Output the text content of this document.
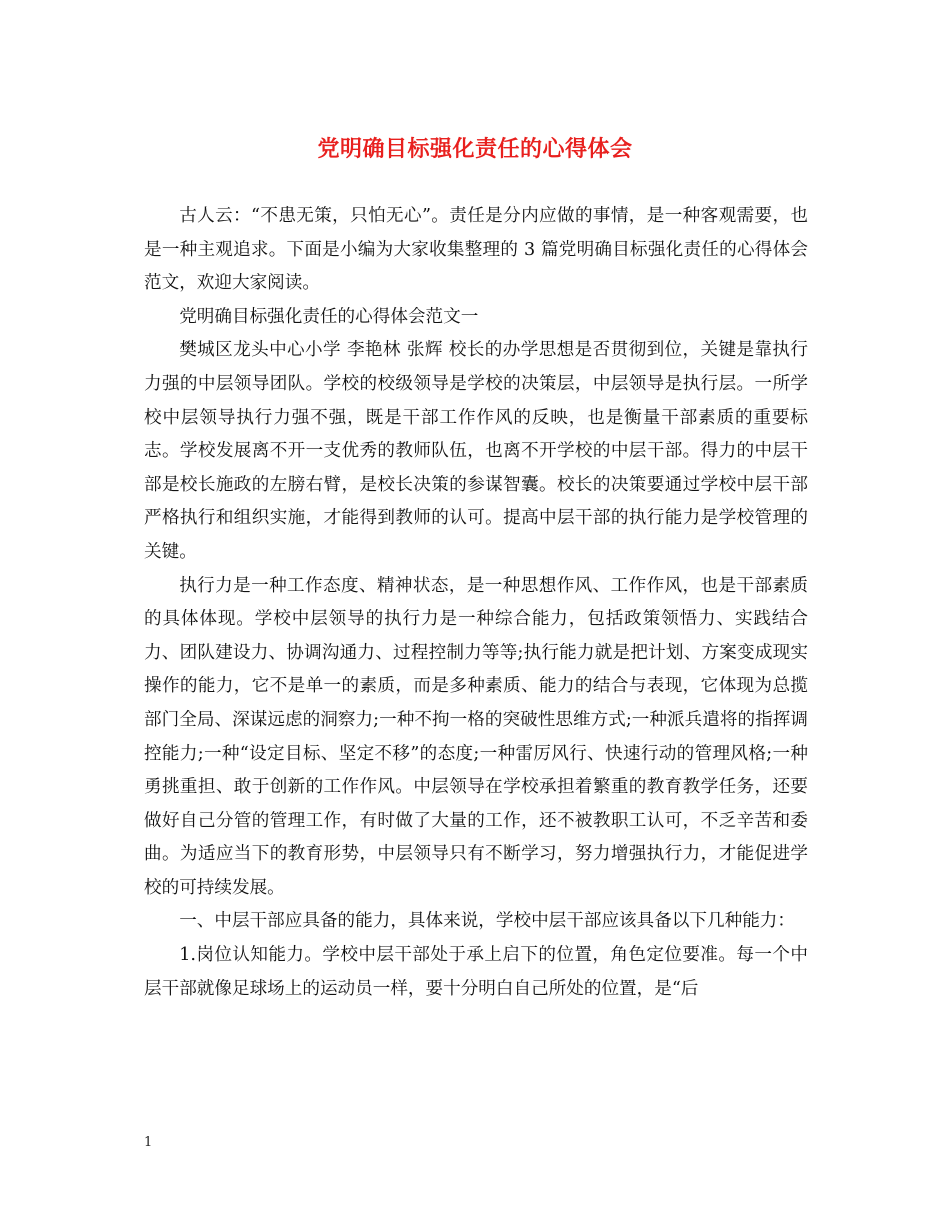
党明确目标强化责任的心得体会

古人云：“不患无策，只怕无心”。责任是分内应做的事情，是一种客观需要，也是一种主观追求。下面是小编为大家收集整理的 3 篇党明确目标强化责任的心得体会范文，欢迎大家阅读。

党明确目标强化责任的心得体会范文一

樊城区龙头中心小学 李艳林 张辉 校长的办学思想是否贯彻到位，关键是靠执行力强的中层领导团队。学校的校级领导是学校的决策层，中层领导是执行层。一所学校中层领导执行力强不强，既是干部工作作风的反映，也是衡量干部素质的重要标志。学校发展离不开一支优秀的教师队伍，也离不开学校的中层干部。得力的中层干部是校长施政的左膀右臂，是校长决策的参谋智囊。校长的决策要通过学校中层干部严格执行和组织实施，才能得到教师的认可。提高中层干部的执行能力是学校管理的关键。

执行力是一种工作态度、精神状态，是一种思想作风、工作作风，也是干部素质的具体体现。学校中层领导的执行力是一种综合能力，包括政策领悟力、实践结合力、团队建设力、协调沟通力、过程控制力等等;执行能力就是把计划、方案变成现实操作的能力，它不是单一的素质，而是多种素质、能力的结合与表现，它体现为总揽部门全局、深谋远虑的洞察力;一种不拘一格的突破性思维方式;一种派兵遣将的指挥调控能力;一种“设定目标、坚定不移”的态度;一种雷厉风行、快速行动的管理风格;一种勇挑重担、敢于创新的工作作风。中层领导在学校承担着繁重的教育教学任务，还要做好自己分管的管理工作，有时做了大量的工作，还不被教职工认可，不乏辛苦和委曲。为适应当下的教育形势，中层领导只有不断学习，努力增强执行力，才能促进学校的可持续发展。

一、中层干部应具备的能力，具体来说，学校中层干部应该具备以下几种能力：

1.岗位认知能力。学校中层干部处于承上启下的位置，角色定位要准。每一个中层干部就像足球场上的运动员一样，要十分明白自己所处的位置，是“后

1
